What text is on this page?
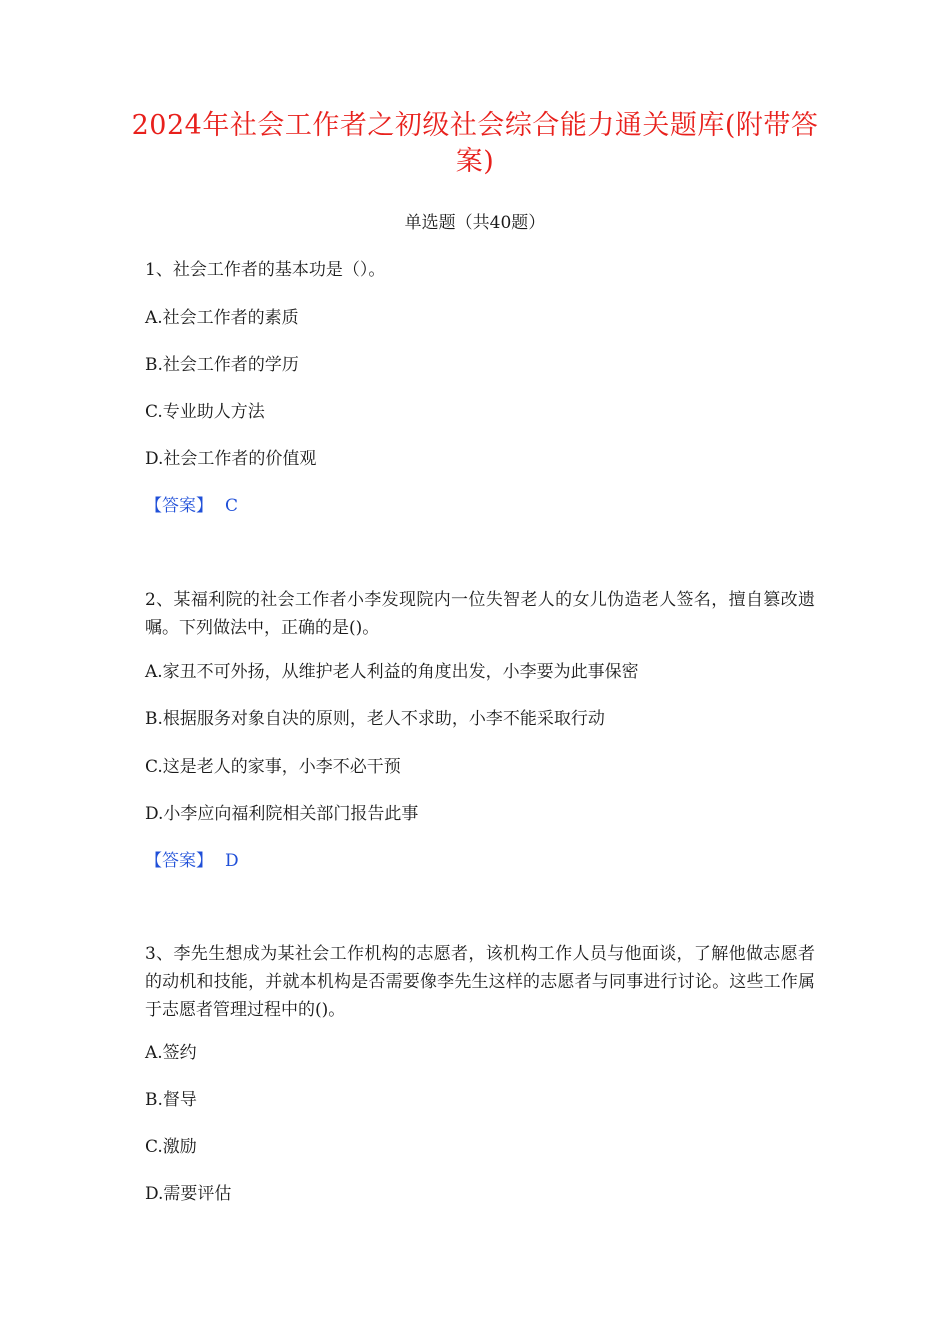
2024年社会工作者之初级社会综合能力通关题库(附带答案)
单选题（共40题）
1、社会工作者的基本功是（）。
A.社会工作者的素质
B.社会工作者的学历
C.专业助人方法
D.社会工作者的价值观
【答案】 C
2、某福利院的社会工作者小李发现院内一位失智老人的女儿伪造老人签名，擅自篡改遗嘱。下列做法中，正确的是()。
A.家丑不可外扬，从维护老人利益的角度出发，小李要为此事保密
B.根据服务对象自决的原则，老人不求助，小李不能采取行动
C.这是老人的家事，小李不必干预
D.小李应向福利院相关部门报告此事
【答案】 D
3、李先生想成为某社会工作机构的志愿者，该机构工作人员与他面谈，了解他做志愿者的动机和技能，并就本机构是否需要像李先生这样的志愿者与同事进行讨论。这些工作属于志愿者管理过程中的()。
A.签约
B.督导
C.激励
D.需要评估
